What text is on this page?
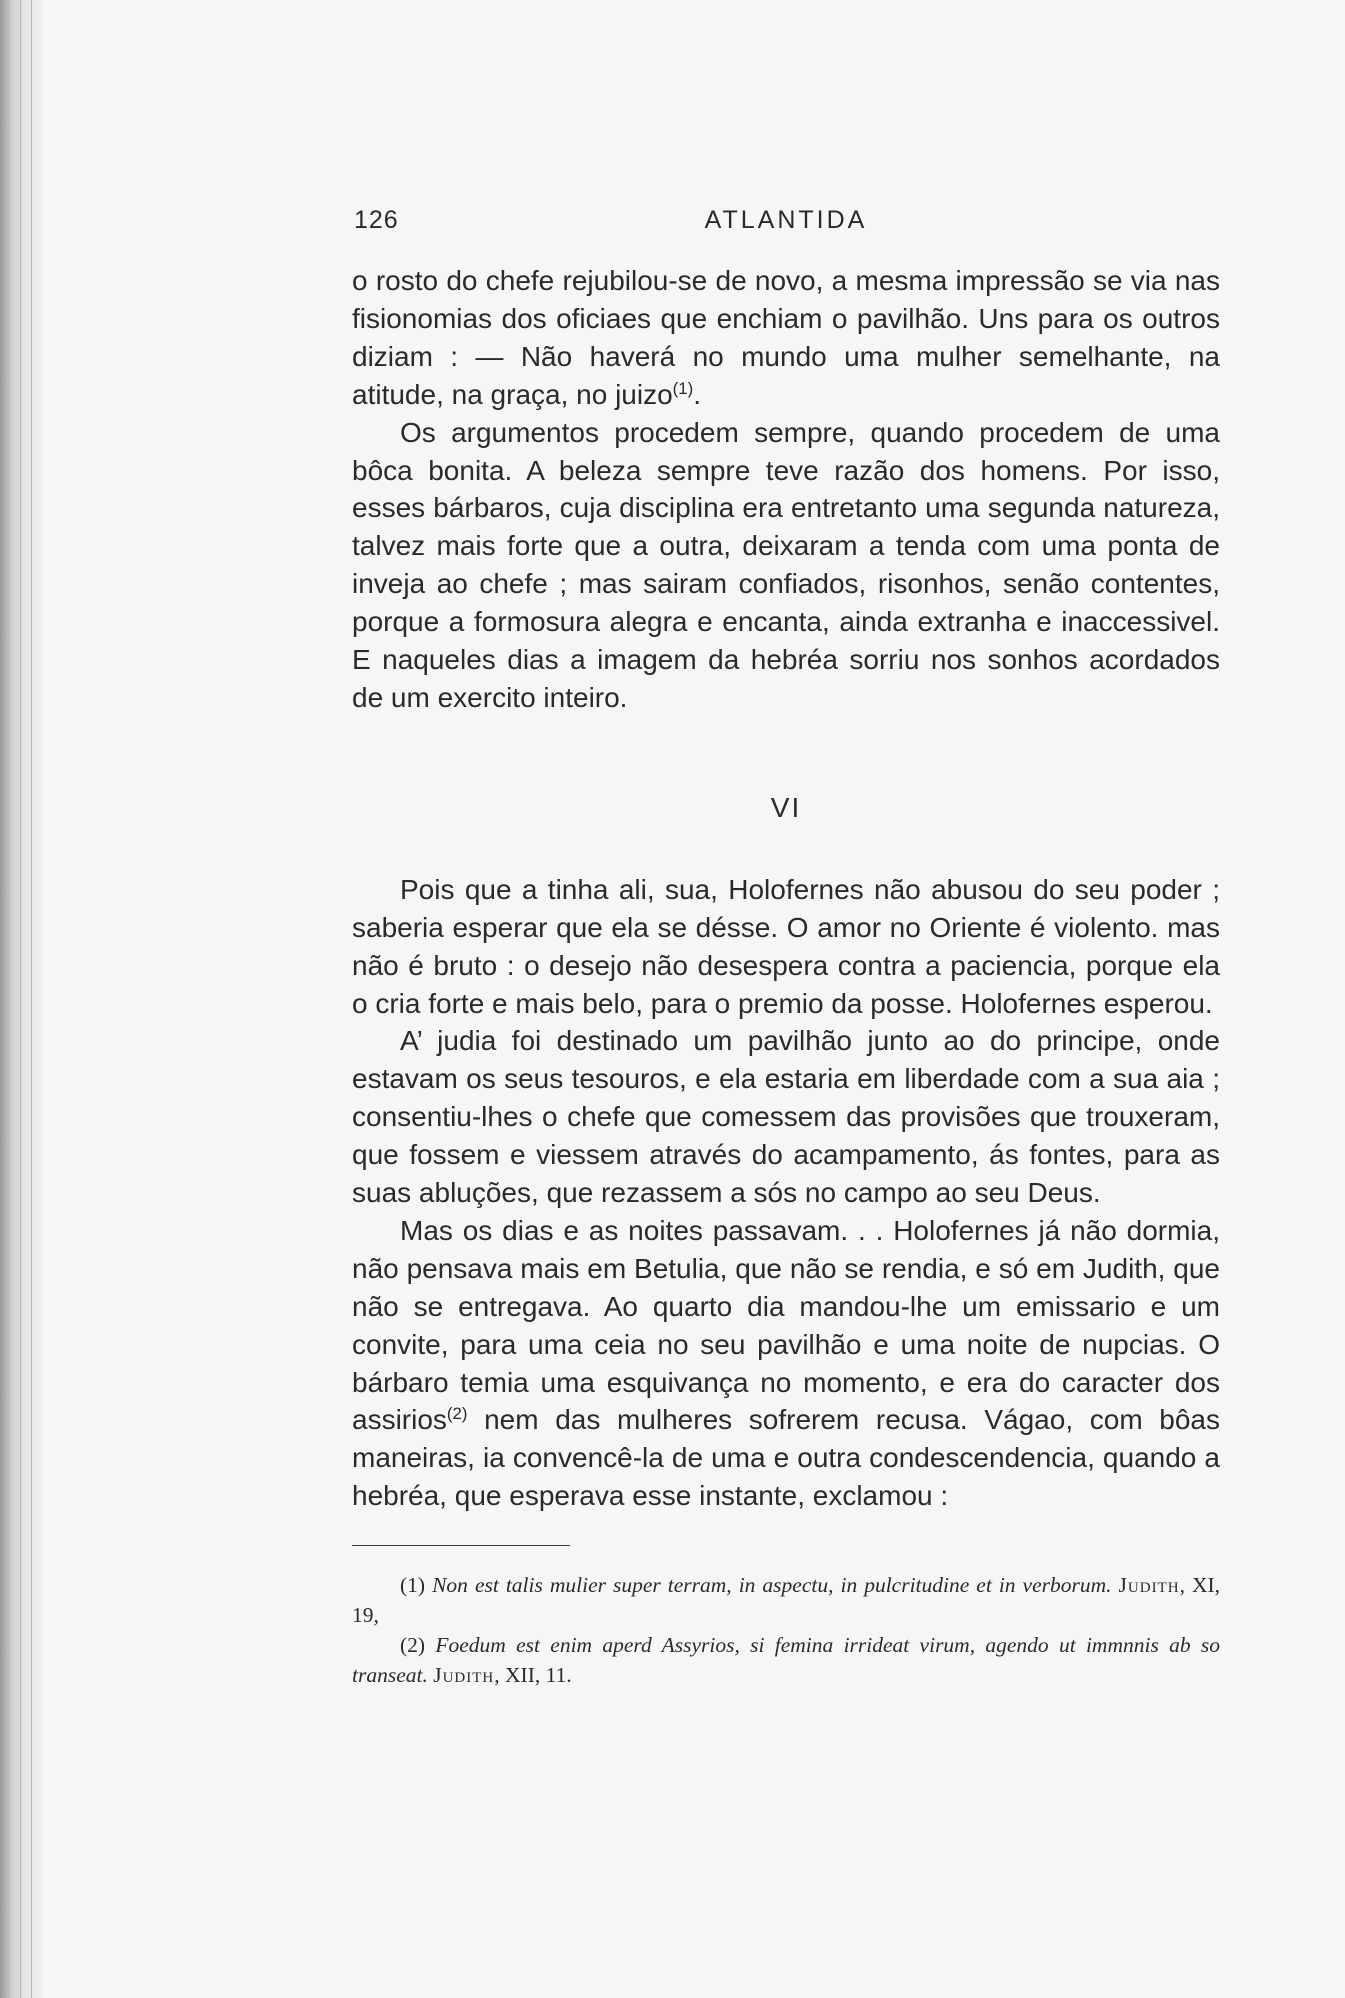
126	ATLANTIDA

o rosto do chefe rejubilou-se de novo, a mesma impressão se via nas fisionomias dos oficiaes que enchiam o pavilhão. Uns para os outros diziam : — Não haverá no mundo uma mulher semelhante, na atitude, na graça, no juizo$^{(1)}$.

Os argumentos procedem sempre, quando procedem de uma bôca bonita. A beleza sempre teve razão dos homens. Por isso, esses bárbaros, cuja disciplina era entretanto uma segunda natureza, talvez mais forte que a outra, deixaram a tenda com uma ponta de inveja ao chefe ; mas sairam confiados, risonhos, senão contentes, porque a formosura alegra e encanta, ainda extranha e inaccessivel. E naqueles dias a imagem da hebréa sorriu nos sonhos acordados de um exercito inteiro.

VI

Pois que a tinha ali, sua, Holofernes não abusou do seu poder ; saberia esperar que ela se désse. O amor no Oriente é violento. mas não é bruto : o desejo não desespera contra a paciencia, porque ela o cria forte e mais belo, para o premio da posse. Holofernes esperou.

A’ judia foi destinado um pavilhão junto ao do principe, onde estavam os seus tesouros, e ela estaria em liberdade com a sua aia ; consentiu-lhes o chefe que comessem das provisões que trouxeram, que fossem e viessem através do acampamento, ás fontes, para as suas abluções, que rezassem a sós no campo ao seu Deus.

Mas os dias e as noites passavam. . . Holofernes já não dormia, não pensava mais em Betulia, que não se rendia, e só em Judith, que não se entregava. Ao quarto dia mandou-lhe um emissario e um convite, para uma ceia no seu pavilhão e uma noite de nupcias. O bárbaro temia uma esquivança no momento, e era do caracter dos assirios$^{(2)}$ nem das mulheres sofrerem recusa. Vágao, com bôas maneiras, ia convencê-la de uma e outra condescendencia, quando a hebréa, que esperava esse instante, exclamou :

(1) Non est talis mulier super terram, in aspectu, in pulcritudine et in verborum. Judith, XI, 19,

(2) Foedum est enim aperd Assyrios, si femina irrideat virum, agendo ut immnnis ab so transeat. Judith, XII, 11.
